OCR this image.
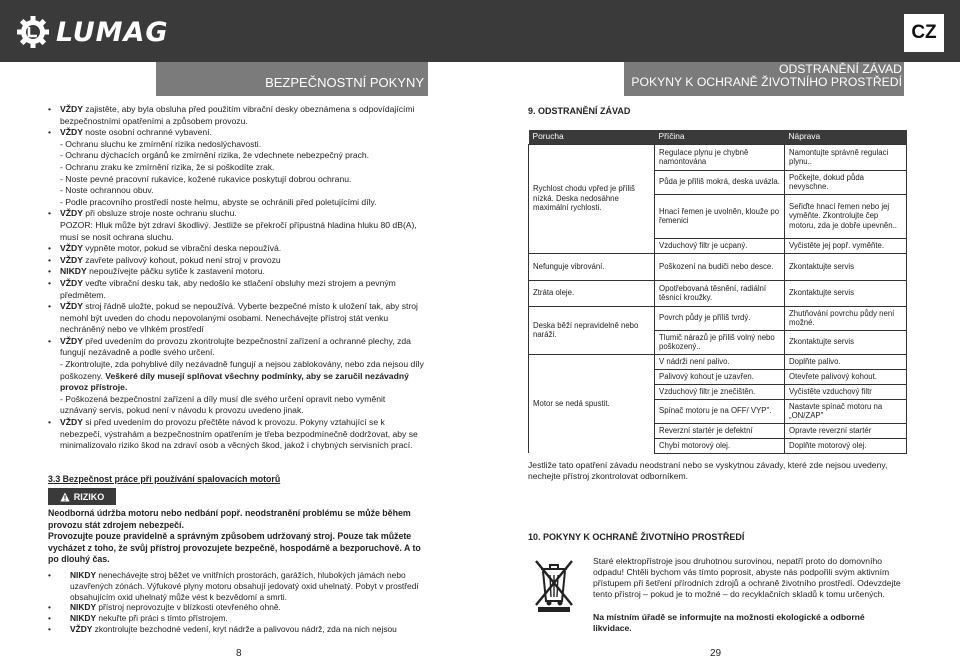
LUMAG	CZ
BEZPEČNOSTNÍ POKYNY
ODSTRANĚNÍ ZÁVAD
POKYNY K OCHRANĚ ŽIVOTNÍHO PROSTŘEDÍ
• VŽDY zajistěte, aby byla obsluha před použitím vibrační desky obeznámena s odpovídajícími bezpečnostními opatřeními a způsobem provozu.
• VŽDY noste osobní ochranné vybavení.
- Ochranu sluchu ke zmírnění rizika nedoslýchavosti.
- Ochranu dýchacích orgánů ke zmírnění rizika, že vdechnete nebezpečný prach.
- Ochranu zraku ke zmírnění rizika, že si poškodíte zrak.
- Noste pevné pracovní rukavice, kožené rukavice poskytují dobrou ochranu.
- Noste ochrannou obuv.
- Podle pracovního prostředí noste helmu, abyste se ochránili před poletujícími díly.
• VŽDY při obsluze stroje noste ochranu sluchu.
POZOR: Hluk může být zdraví škodlivý. Jestliže se překročí přípustná hladina hluku 80 dB(A), musí se nosit ochrana sluchu.
• VŽDY vypněte motor, pokud se vibrační deska nepoužívá.
• VŽDY zavřete palivový kohout, pokud není stroj v provozu
• NIKDY nepoužívejte páčku sytiče k zastavení motoru.
• VŽDY veďte vibrační desku tak, aby nedošlo ke stlačení obsluhy mezi strojem a pevným předmětem.
• VŽDY stroj řádně uložte, pokud se nepoužívá. Vyberte bezpečné místo k uložení tak, aby stroj nemohl být uveden do chodu nepovolanými osobami. Nenechávejte přístroj stát venku nechráněný nebo ve vlhkém prostředí
• VŽDY před uvedením do provozu zkontrolujte bezpečnostní zařízení a ochranné plechy, zda fungují nezávadně a podle svého určení.
- Zkontrolujte, zda pohyblivé díly nezávadně fungují a nejsou zablokovány, nebo zda nejsou díly poškozeny. Veškeré díly musejí splňovat všechny podmínky, aby se zaručil nezávadný provoz přístroje.
- Poškozená bezpečnostní zařízení a díly musí dle svého určení opravit nebo vyměnit uznávaný servis, pokud není v návodu k provozu uvedeno jinak.
• VŽDY si před uvedením do provozu přečtěte návod k provozu. Pokyny vztahující se k nebezpečí, výstrahám a bezpečnostním opatřením je třeba bezpodmínečně dodržovat, aby se minimalizovalo riziko škod na zdraví osob a věcných škod, jakož i chybných servisních prací.
3.3 Bezpečnost práce při používání spalovacích motorů
RIZIKO
Neodborná údržba motoru nebo nedbání popř. neodstranění problému se může během provozu stát zdrojem nebezpečí.
Provozujte pouze pravidelně a správným způsobem udržovaný stroj. Pouze tak můžete vycházet z toho, že svůj přístroj provozujete bezpečně, hospodárně a bezporuchově. A to po dlouhý čas.
• NIKDY nenechávejte stroj běžet ve vnitřních prostorách, garážích, hlubokých jámách nebo uzavřených zónách. Výfukové plyny motoru obsahují jedovatý oxid uhelnatý. Pobyt v prostředí obsahujícím oxid uhelnatý může vést k bezvědomí a smrti.
• NIKDY přístroj neprovozujte v blízkosti otevřeného ohně.
• NIKDY nekuřte při práci s tímto přístrojem.
• VŽDY zkontrolujte bezchodné vedení, kryt nádrže a palivovou nádrž, zda na nich nejsou
8
9. ODSTRANĚNÍ ZÁVAD
Porucha	Příčina	Náprava
Rychlost chodu vpřed je příliš nízká. Deska nedosáhne maximální rychlosti.	Regulace plynu je chybně namontována	Namontujte správně regulaci plynu..
	Půda je příliš mokrá, deska uvázla.	Počkejte, dokud půda nevyschne.
	Hnací řemen je uvolněn, klouže po řemenici	Seřiďte hnací řemen nebo jej vyměňte. Zkontrolujte čep motoru, zda je dobře upevněn..
	Vzduchový filtr je ucpaný.	Vyčistěte jej popř. vyměňte.
Nefunguje vibrování.	Poškození na budiči nebo desce.	Zkontaktujte servis
Ztráta oleje.	Opotřebovaná těsnění, radiální těsnicí kroužky.	Zkontaktujte servis
Deska běží nepravidelně nebo naráží.	Povrch půdy je příliš tvrdý.	Zhutňování povrchu půdy není možné.
	Tlumič nárazů je příliš volný nebo poškozený..	Zkontaktujte servis
Motor se nedá spustit.	V nádrži není palivo.	Doplňte palivo.
	Palivový kohout je uzavřen.	Otevřete palivový kohout.
	Vzduchový filtr je znečištěn.	Vyčistěte vzduchový filtr
	Spínač motoru je na OFF/ VYP".	Nastavte spínač motoru na „ON/ZAP"
	Reverzní startér je defektní	Opravte reverzní startér
	Chybí motorový olej.	Doplňte motorový olej.
Jestliže tato opatření závadu neodstraní nebo se vyskytnou závady, které zde nejsou uvedeny, nechejte přístroj zkontrolovat odborníkem.
10. POKYNY K OCHRANĚ ŽIVOTNÍHO PROSTŘEDÍ
Staré elektropřístroje jsou druhotnou surovinou, nepatří proto do domovního odpadu! Chtěli bychom vás tímto poprosit, abyste nás podpořili svým aktivním přístupem při šetření přírodních zdrojů a ochraně životního prostředí. Odevzdejte tento přístroj – pokud je to možné – do recyklačních skladů k tomu určených.
Na místním úřadě se informujte na možnosti ekologické a odborné likvidace.
29
